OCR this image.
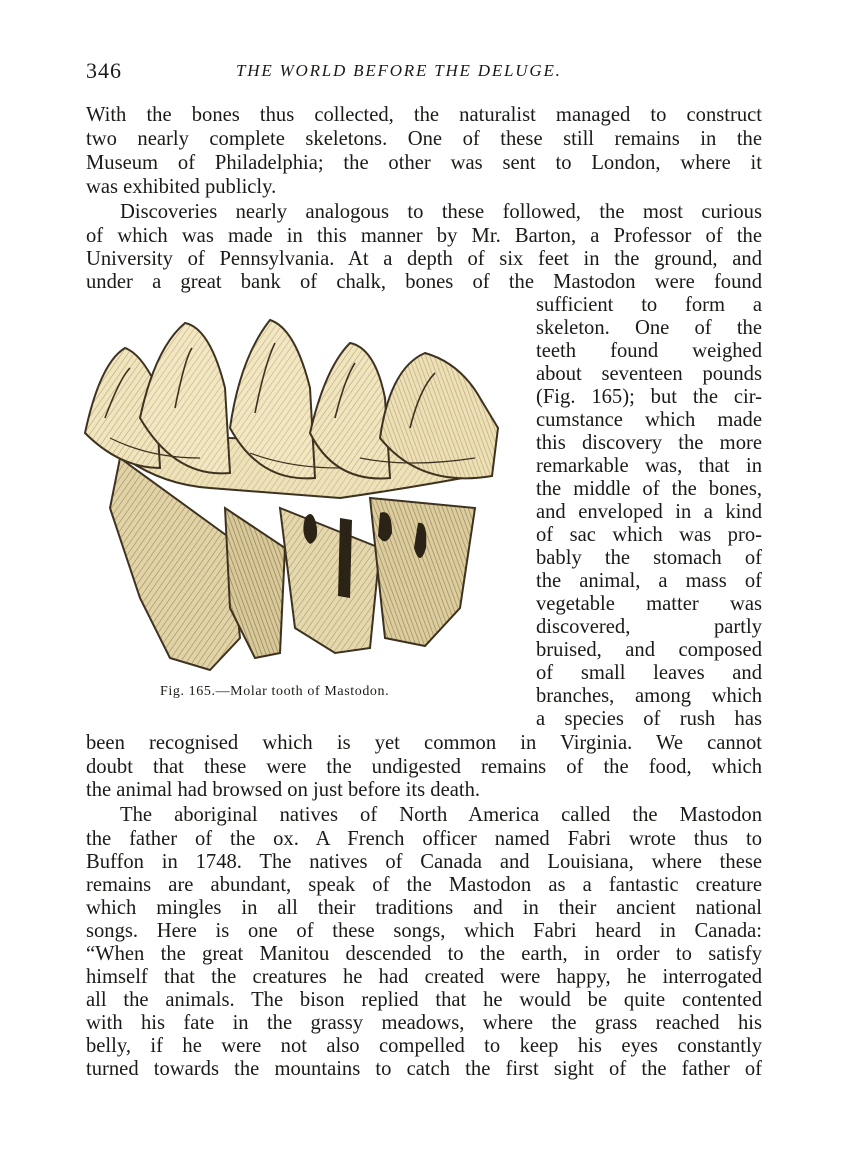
346	THE WORLD BEFORE THE DELUGE.
With the bones thus collected, the naturalist managed to construct
two nearly complete skeletons. One of these still remains in the
Museum of Philadelphia; the other was sent to London, where it
was exhibited publicly.
Discoveries nearly analogous to these followed, the most curious
of which was made in this manner by Mr. Barton, a Professor of the
University of Pennsylvania. At a depth of six feet in the ground, and
under a great bank of chalk, bones of the Mastodon were found
sufficient to form a
skeleton. One of the
teeth found weighed
about seventeen pounds
(Fig. 165); but the cir-
cumstance which made
this discovery the more
remarkable was, that in
the middle of the bones,
and enveloped in a kind
of sac which was pro-
bably the stomach of
the animal, a mass of
vegetable matter was
discovered, partly
bruised, and composed
of small leaves and
branches, among which
a species of rush has
been recognised which is yet common in Virginia. We cannot
doubt that these were the undigested remains of the food, which
the animal had browsed on just before its death.
The aboriginal natives of North America called the Mastodon
the father of the ox. A French officer named Fabri wrote thus to
Buffon in 1748. The natives of Canada and Louisiana, where these
remains are abundant, speak of the Mastodon as a fantastic creature
which mingles in all their traditions and in their ancient national
songs. Here is one of these songs, which Fabri heard in Canada:
“When the great Manitou descended to the earth, in order to satisfy
himself that the creatures he had created were happy, he interrogated
all the animals. The bison replied that he would be quite contented
with his fate in the grassy meadows, where the grass reached his
belly, if he were not also compelled to keep his eyes constantly
turned towards the mountains to catch the first sight of the father of
Fig. 165.—Molar tooth of Mastodon.
